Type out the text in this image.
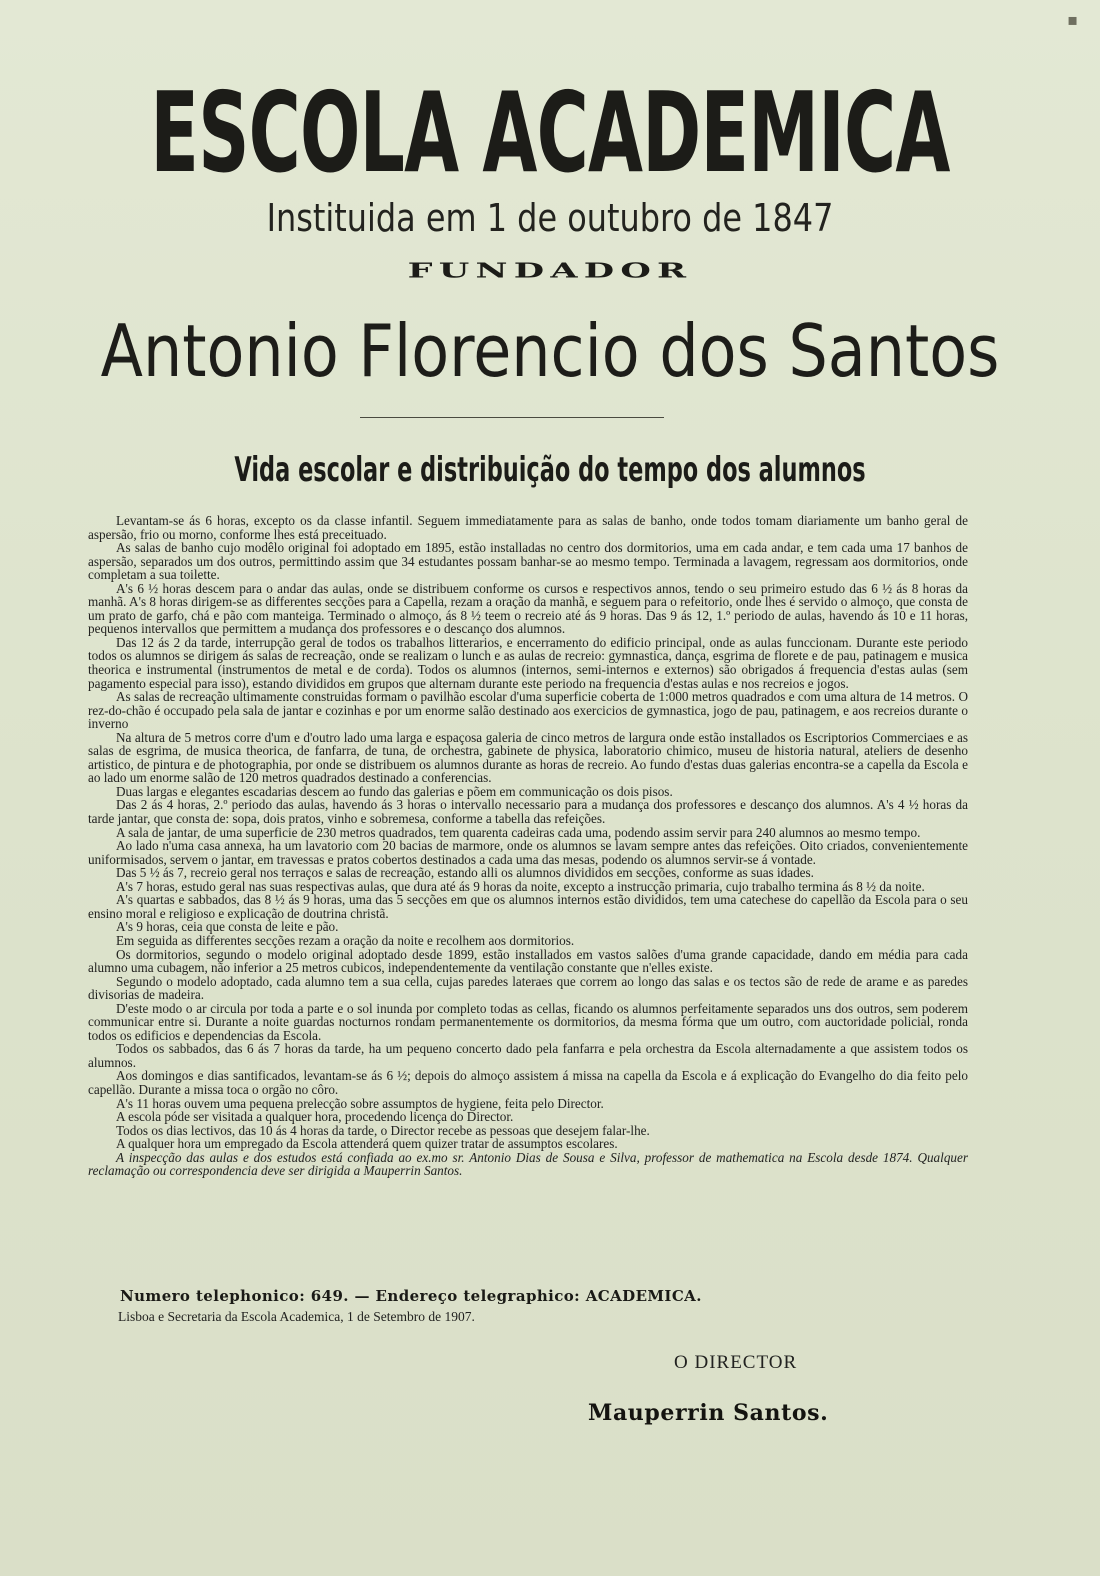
▪
ESCOLA ACADEMICA
Instituida em 1 de outubro de 1847
FUNDADOR
Antonio Florencio dos Santos
Vida escolar e distribuição do tempo dos alumnos

Levantam-se ás 6 horas, excepto os da classe infantil. Seguem immediatamente para as salas de banho, onde todos tomam diariamente um banho geral de aspersão, frio ou morno, conforme lhes está preceituado.

As salas de banho cujo modêlo original foi adoptado em 1895, estão installadas no centro dos dormitorios, uma em cada andar, e tem cada uma 17 banhos de aspersão, separados um dos outros, permittindo assim que 34 estudantes possam banhar-se ao mesmo tempo. Terminada a lavagem, regressam aos dormitorios, onde completam a sua toilette.

A's 6 ½ horas descem para o andar das aulas, onde se distribuem conforme os cursos e respectivos annos, tendo o seu primeiro estudo das 6 ½ ás 8 horas da manhã. A's 8 horas dirigem-se as differentes secções para a Capella, rezam a oração da manhã, e seguem para o refeitorio, onde lhes é servido o almoço, que consta de um prato de garfo, chá e pão com manteiga. Terminado o almoço, ás 8 ½ teem o recreio até ás 9 horas. Das 9 ás 12, 1.º periodo de aulas, havendo ás 10 e 11 horas, pequenos intervallos que permittem a mudança dos professores e o descanço dos alumnos.

Das 12 ás 2 da tarde, interrupção geral de todos os trabalhos litterarios, e encerramento do edificio principal, onde as aulas funccionam. Durante este periodo todos os alumnos se dirigem ás salas de recreação, onde se realizam o lunch e as aulas de recreio: gymnastica, dança, esgrima de florete e de pau, patinagem e musica theorica e instrumental (instrumentos de metal e de corda). Todos os alumnos (internos, semi-internos e externos) são obrigados á frequencia d'estas aulas (sem pagamento especial para isso), estando divididos em grupos que alternam durante este periodo na frequencia d'estas aulas e nos recreios e jogos.

As salas de recreação ultimamente construidas formam o pavilhão escolar d'uma superficie coberta de 1:000 metros quadrados e com uma altura de 14 metros. O rez-do-chão é occupado pela sala de jantar e cozinhas e por um enorme salão destinado aos exercicios de gymnastica, jogo de pau, patinagem, e aos recreios durante o inverno

Na altura de 5 metros corre d'um e d'outro lado uma larga e espaçosa galeria de cinco metros de largura onde estão installados os Escriptorios Commerciaes e as salas de esgrima, de musica theorica, de fanfarra, de tuna, de orchestra, gabinete de physica, laboratorio chimico, museu de historia natural, ateliers de desenho artistico, de pintura e de photographia, por onde se distribuem os alumnos durante as horas de recreio. Ao fundo d'estas duas galerias encontra-se a capella da Escola e ao lado um enorme salão de 120 metros quadrados destinado a conferencias.

Duas largas e elegantes escadarias descem ao fundo das galerias e põem em communicação os dois pisos.

Das 2 ás 4 horas, 2.º periodo das aulas, havendo ás 3 horas o intervallo necessario para a mudança dos professores e descanço dos alumnos. A's 4 ½ horas da tarde jantar, que consta de: sopa, dois pratos, vinho e sobremesa, conforme a tabella das refeições.

A sala de jantar, de uma superficie de 230 metros quadrados, tem quarenta cadeiras cada uma, podendo assim servir para 240 alumnos ao mesmo tempo.

Ao lado n'uma casa annexa, ha um lavatorio com 20 bacias de marmore, onde os alumnos se lavam sempre antes das refeições. Oito criados, convenientemente uniformisados, servem o jantar, em travessas e pratos cobertos destinados a cada uma das mesas, podendo os alumnos servir-se á vontade.

Das 5 ½ ás 7, recreio geral nos terraços e salas de recreação, estando alli os alumnos divididos em secções, conforme as suas idades.

A's 7 horas, estudo geral nas suas respectivas aulas, que dura até ás 9 horas da noite, excepto a instrucção primaria, cujo trabalho termina ás 8 ½ da noite.

A's quartas e sabbados, das 8 ½ ás 9 horas, uma das 5 secções em que os alumnos internos estão divididos, tem uma catechese do capellão da Escola para o seu ensino moral e religioso e explicação de doutrina christã.

A's 9 horas, ceia que consta de leite e pão.

Em seguida as differentes secções rezam a oração da noite e recolhem aos dormitorios.

Os dormitorios, segundo o modelo original adoptado desde 1899, estão installados em vastos salões d'uma grande capacidade, dando em média para cada alumno uma cubagem, não inferior a 25 metros cubicos, independentemente da ventilação constante que n'elles existe.

Segundo o modelo adoptado, cada alumno tem a sua cella, cujas paredes lateraes que correm ao longo das salas e os tectos são de rede de arame e as paredes divisorias de madeira.

D'este modo o ar circula por toda a parte e o sol inunda por completo todas as cellas, ficando os alumnos perfeitamente separados uns dos outros, sem poderem communicar entre si. Durante a noite guardas nocturnos rondam permanentemente os dormitorios, da mesma fórma que um outro, com auctoridade policial, ronda todos os edificios e dependencias da Escola.

Todos os sabbados, das 6 ás 7 horas da tarde, ha um pequeno concerto dado pela fanfarra e pela orchestra da Escola alternadamente a que assistem todos os alumnos.

Aos domingos e dias santificados, levantam-se ás 6 ½; depois do almoço assistem á missa na capella da Escola e á explicação do Evangelho do dia feito pelo capellão. Durante a missa toca o orgão no côro.

A's 11 horas ouvem uma pequena prelecção sobre assumptos de hygiene, feita pelo Director.

A escola póde ser visitada a qualquer hora, procedendo licença do Director.

Todos os dias lectivos, das 10 ás 4 horas da tarde, o Director recebe as pessoas que desejem falar-lhe.

A qualquer hora um empregado da Escola attenderá quem quizer tratar de assumptos escolares.

A inspecção das aulas e dos estudos está confiada ao ex.mo sr. Antonio Dias de Sousa e Silva, professor de mathematica na Escola desde 1874. Qualquer reclamação ou correspondencia deve ser dirigida a Mauperrin Santos.

Numero telephonico: 649. — Endereço telegraphico: ACADEMICA.
Lisboa e Secretaria da Escola Academica, 1 de Setembro de 1907.
O DIRECTOR
Mauperrin Santos.
